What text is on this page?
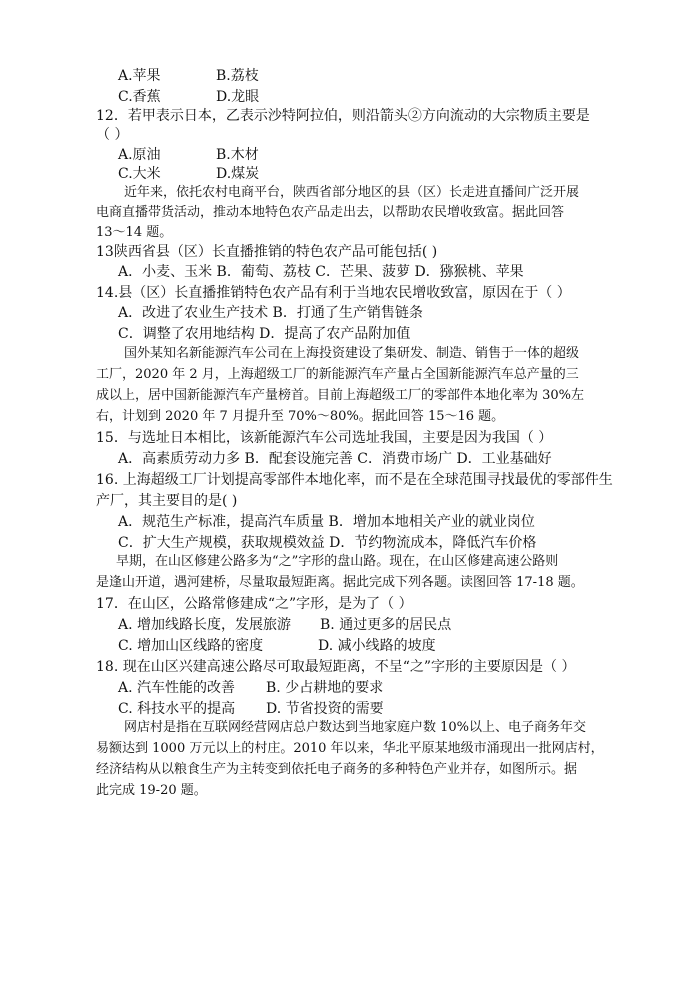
A.苹果	B.荔枝
C.香蕉	D.龙眼
12．若甲表示日本，乙表示沙特阿拉伯，则沿箭头②方向流动的大宗物质主要是
（ ）
A.原油	B.木材
C.大米	D.煤炭
近年来，依托农村电商平台，陕西省部分地区的县（区）长走进直播间广泛开展
电商直播带货活动，推动本地特色农产品走出去，以帮助农民增收致富。据此回答
13～14 题。
13陕西省县（区）长直播推销的特色农产品可能包括( )
A．小麦、玉米 B．葡萄、荔枝 C．芒果、菠萝 D．猕猴桃、苹果
14.县（区）长直播推销特色农产品有利于当地农民增收致富，原因在于（ ）
A．改进了农业生产技术 B．打通了生产销售链条
C．调整了农用地结构 D．提高了农产品附加值
国外某知名新能源汽车公司在上海投资建设了集研发、制造、销售于一体的超级
工厂，2020 年 2 月，上海超级工厂的新能源汽车产量占全国新能源汽车总产量的三
成以上，居中国新能源汽车产量榜首。目前上海超级工厂的零部件本地化率为 30%左
右，计划到 2020 年 7 月提升至 70%～80%。据此回答 15～16 题。
15．与选址日本相比，该新能源汽车公司选址我国，主要是因为我国（ ）
A．高素质劳动力多 B．配套设施完善 C．消费市场广 D．工业基础好
16. 上海超级工厂计划提高零部件本地化率，而不是在全球范围寻找最优的零部件生
产厂，其主要目的是( )
A．规范生产标准，提高汽车质量 B．增加本地相关产业的就业岗位
C．扩大生产规模，获取规模效益 D．节约物流成本，降低汽车价格
早期，在山区修建公路多为“之”字形的盘山路。现在，在山区修建高速公路则
是逢山开道，遇河建桥，尽量取最短距离。据此完成下列各题。读图回答 17-18 题。
17．在山区，公路常修建成“之”字形，是为了（ ）
A. 增加线路长度，发展旅游 B. 通过更多的居民点
C. 增加山区线路的密度	D. 减小线路的坡度
18. 现在山区兴建高速公路尽可取最短距离，不呈“之”字形的主要原因是（ ）
A. 汽车性能的改善 B. 少占耕地的要求
C. 科技水平的提高 D. 节省投资的需要
网店村是指在互联网经营网店总户数达到当地家庭户数 10%以上、电子商务年交
易额达到 1000 万元以上的村庄。2010 年以来，华北平原某地级市涌现出一批网店村，
经济结构从以粮食生产为主转变到依托电子商务的多种特色产业并存，如图所示。据
此完成 19-20 题。
